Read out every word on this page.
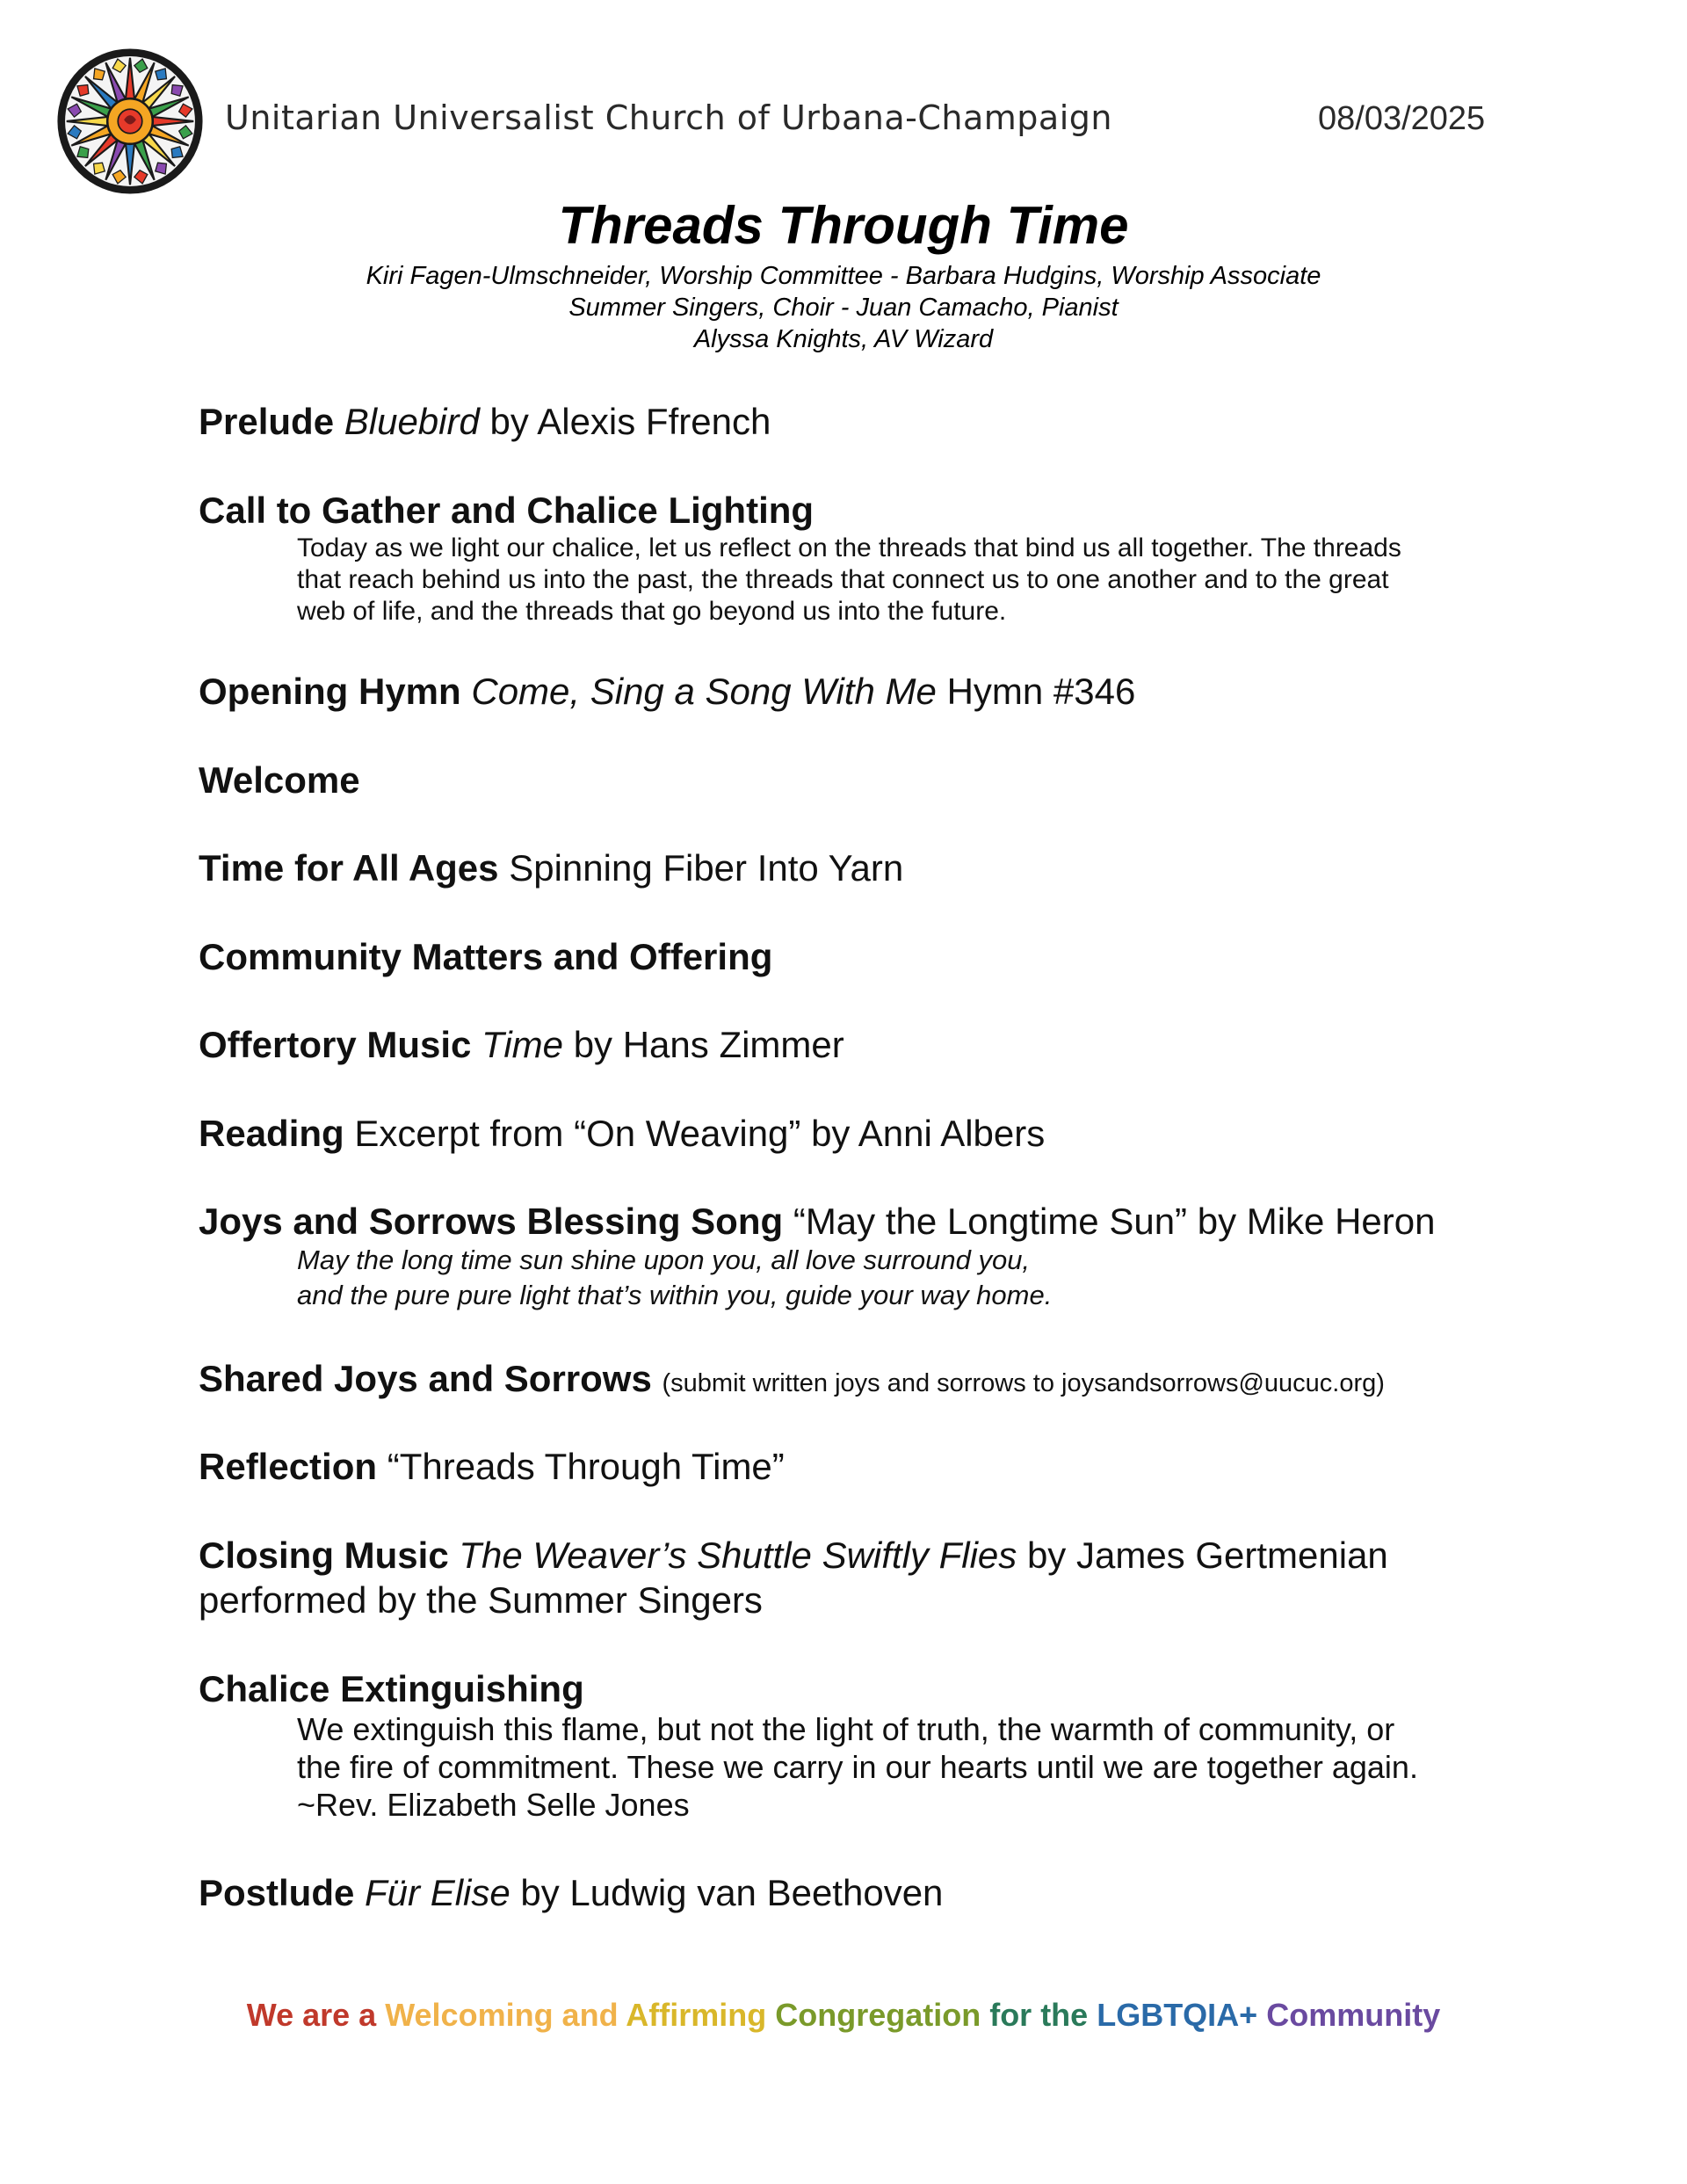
Unitarian Universalist Church of Urbana-Champaign	08/03/2025
Threads Through Time
Kiri Fagen-Ulmschneider, Worship Committee - Barbara Hudgins, Worship Associate
Summer Singers, Choir - Juan Camacho, Pianist
Alyssa Knights, AV Wizard
Prelude Bluebird by Alexis Ffrench
Call to Gather and Chalice Lighting
Today as we light our chalice, let us reflect on the threads that bind us all together. The threads
that reach behind us into the past, the threads that connect us to one another and to the great
web of life, and the threads that go beyond us into the future.
Opening Hymn Come, Sing a Song With Me Hymn #346
Welcome
Time for All Ages Spinning Fiber Into Yarn
Community Matters and Offering
Offertory Music Time by Hans Zimmer
Reading Excerpt from “On Weaving” by Anni Albers
Joys and Sorrows Blessing Song “May the Longtime Sun” by Mike Heron
May the long time sun shine upon you, all love surround you,
and the pure pure light that’s within you, guide your way home.
Shared Joys and Sorrows (submit written joys and sorrows to joysandsorrows@uucuc.org)
Reflection “Threads Through Time”
Closing Music The Weaver’s Shuttle Swiftly Flies by James Gertmenian
performed by the Summer Singers
Chalice Extinguishing
We extinguish this flame, but not the light of truth, the warmth of community, or
the fire of commitment. These we carry in our hearts until we are together again.
~Rev. Elizabeth Selle Jones
Postlude Für Elise by Ludwig van Beethoven
We are a Welcoming and Affirming Congregation for the LGBTQIA+ Community
